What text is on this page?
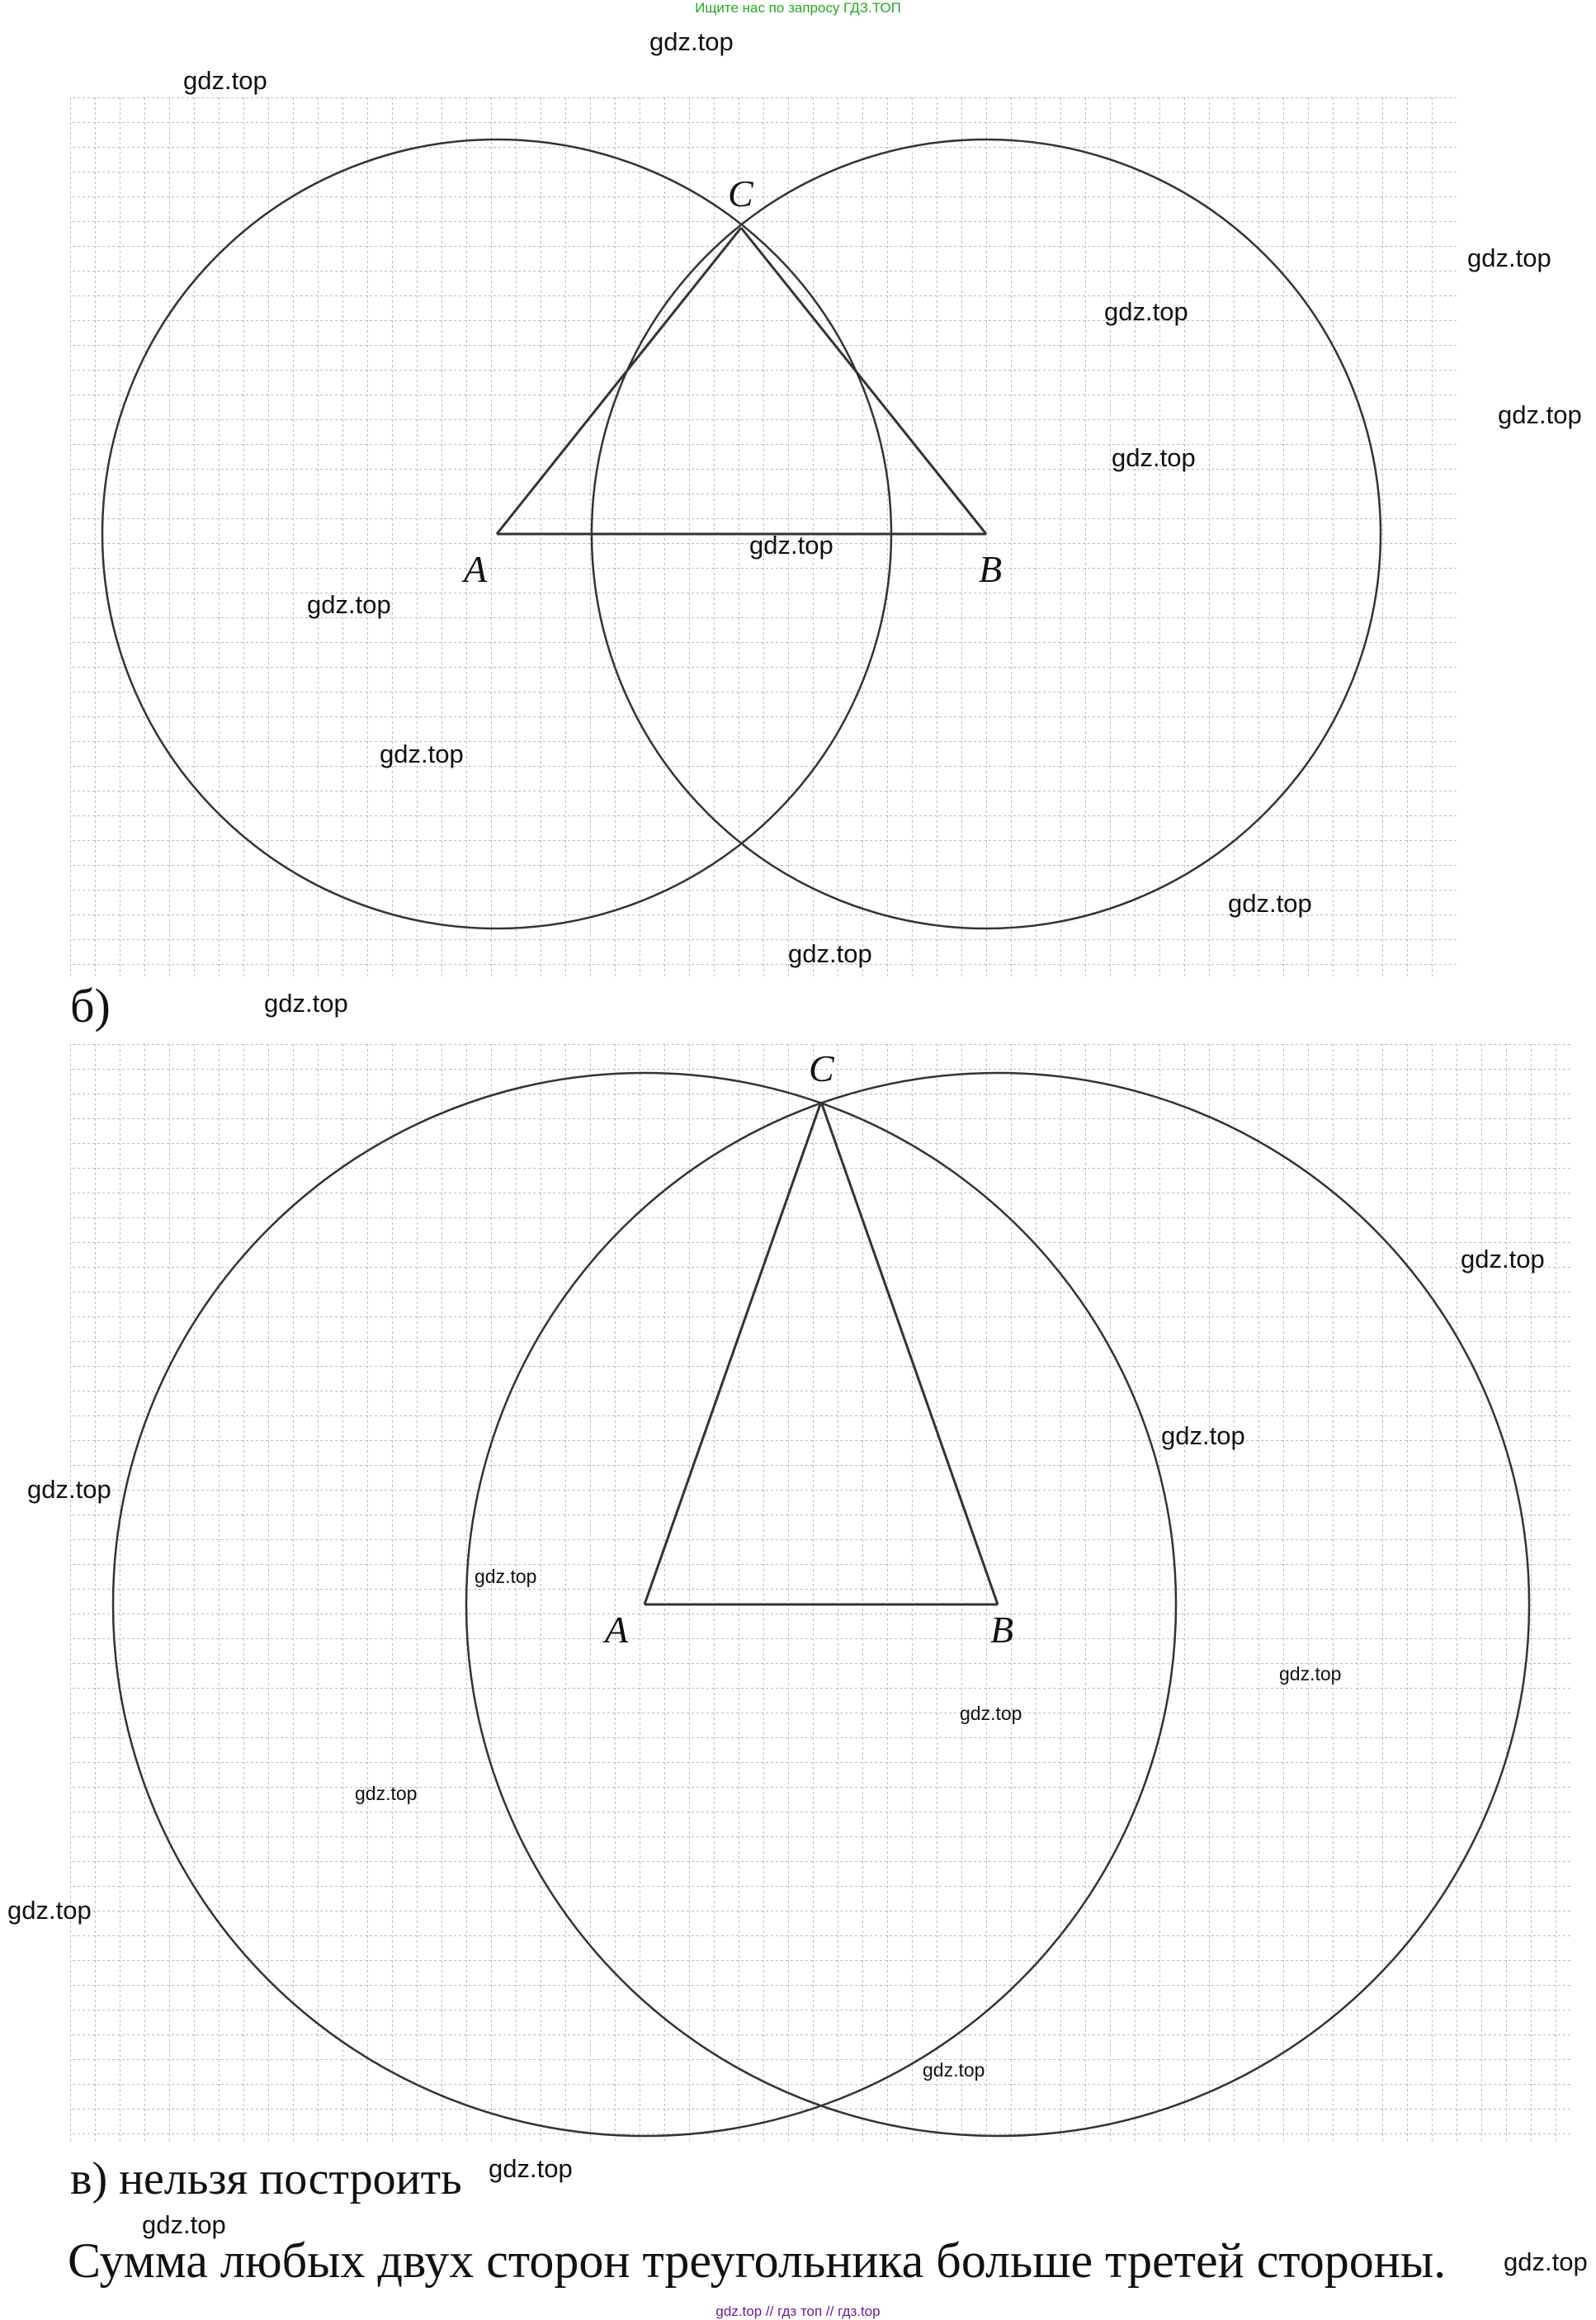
Ищите нас по запросу ГДЗ.ТОП
A	B
C
A	B
C
б)
в) нельзя построить
Сумма любых двух сторон треугольника больше третей стороны.
gdz.top
gdz.top
gdz.top
gdz.top
gdz.top
gdz.top
gdz.top
gdz.top
gdz.top
gdz.top
gdz.top
gdz.top
gdz.top
gdz.top
gdz.top
gdz.top
gdz.top
gdz.top
gdz.top
gdz.top
gdz.top
gdz.top
gdz.top
gdz.top
gdz.top // гдз топ // гдз.top
